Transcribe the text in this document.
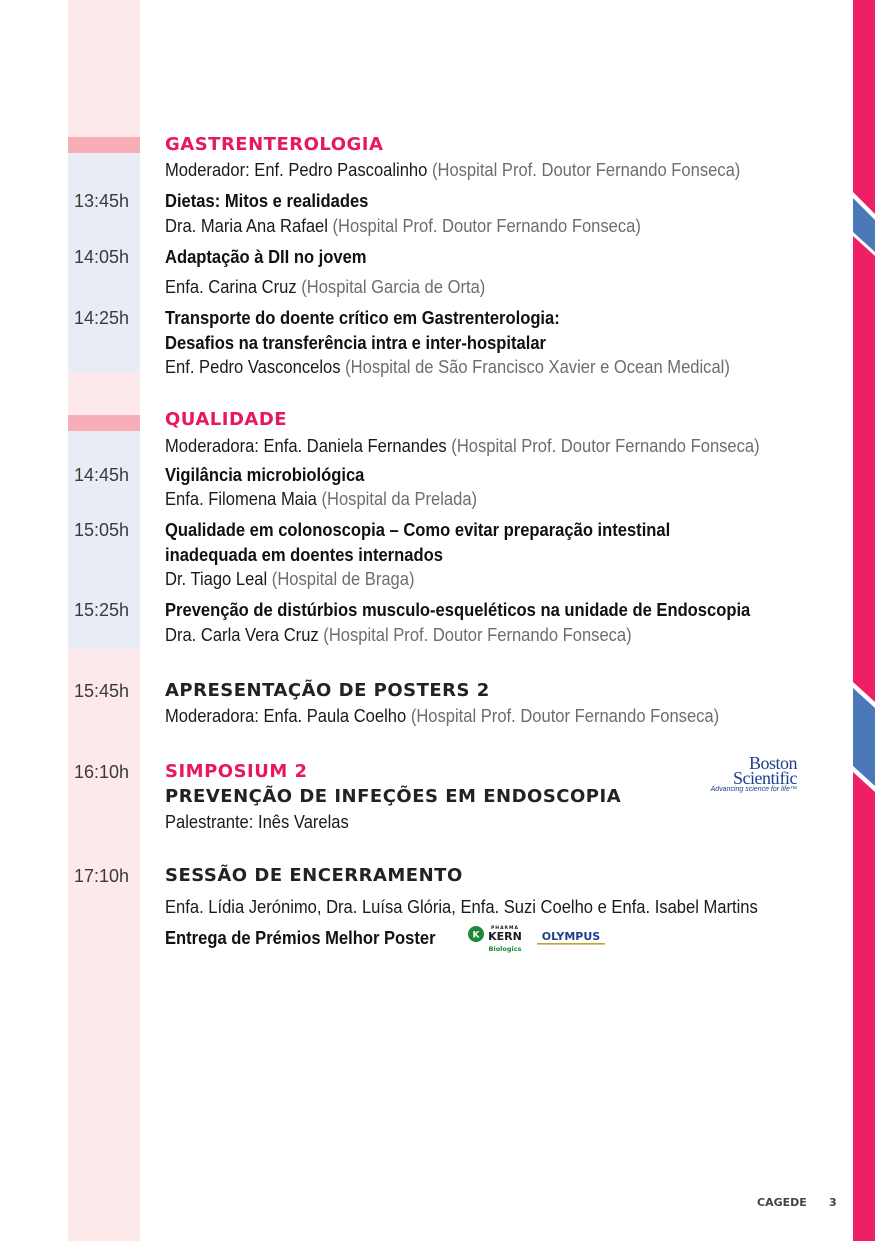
GASTRENTEROLOGIA
Moderador: Enf. Pedro Pascoalinho (Hospital Prof. Doutor Fernando Fonseca)
13:45h Dietas: Mitos e realidades
Dra. Maria Ana Rafael (Hospital Prof. Doutor Fernando Fonseca)
14:05h Adaptação à DII no jovem
Enfa. Carina Cruz (Hospital Garcia de Orta)
14:25h Transporte do doente crítico em Gastrenterologia:
Desafios na transferência intra e inter-hospitalar
Enf. Pedro Vasconcelos (Hospital de São Francisco Xavier e Ocean Medical)
QUALIDADE
Moderadora: Enfa. Daniela Fernandes (Hospital Prof. Doutor Fernando Fonseca)
14:45h Vigilância microbiológica
Enfa. Filomena Maia (Hospital da Prelada)
15:05h Qualidade em colonoscopia – Como evitar preparação intestinal
inadequada em doentes internados
Dr. Tiago Leal (Hospital de Braga)
15:25h Prevenção de distúrbios musculo-esqueléticos na unidade de Endoscopia
Dra. Carla Vera Cruz (Hospital Prof. Doutor Fernando Fonseca)
15:45h APRESENTAÇÃO DE POSTERS 2
Moderadora: Enfa. Paula Coelho (Hospital Prof. Doutor Fernando Fonseca)
16:10h SIMPOSIUM 2
PREVENÇÃO DE INFEÇÕES EM ENDOSCOPIA
Palestrante: Inês Varelas
Boston
Scientific
Advancing science for life™
17:10h SESSÃO DE ENCERRAMENTO
Enfa. Lídia Jerónimo, Dra. Luísa Glória, Enfa. Suzi Coelho e Enfa. Isabel Martins
Entrega de Prémios Melhor Poster	K
PHARMA
KERN
Biologics
OLYMPUS
CAGEDE 3
